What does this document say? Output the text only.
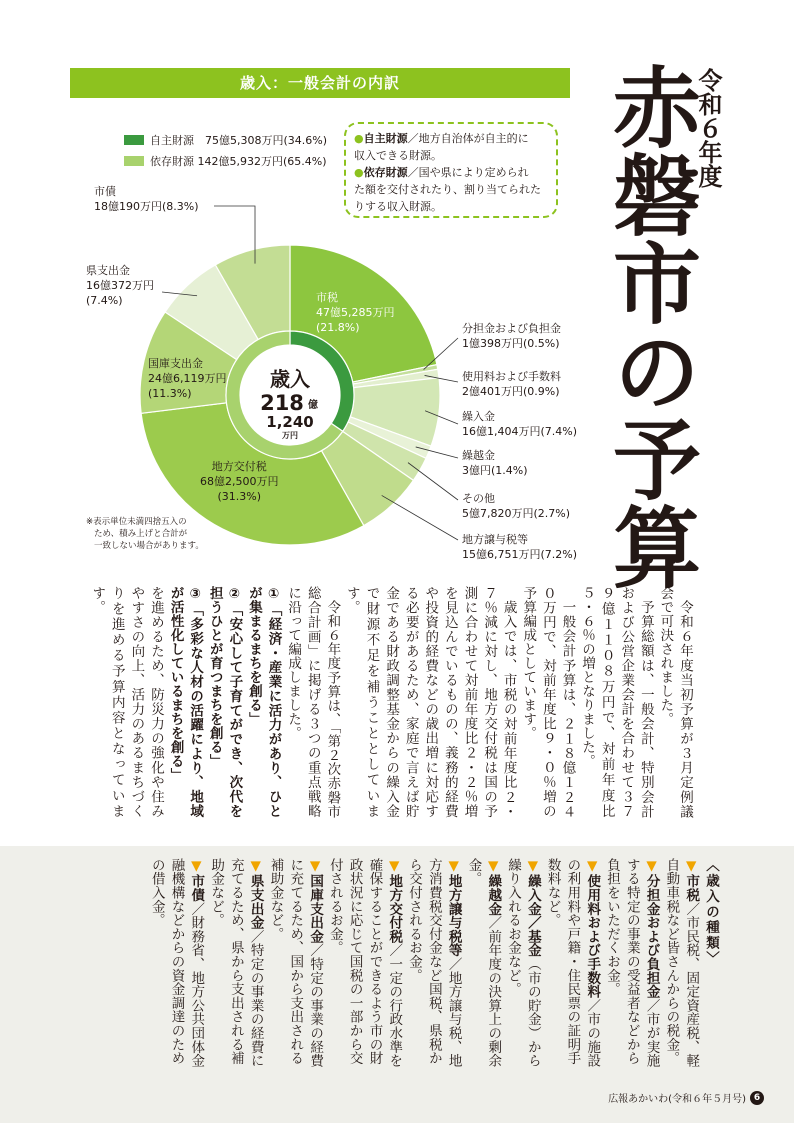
歳入：一般会計の内訳	赤磐市の予算
令和６年度
自主財源　75億5,308万円(34.6%)
依存財源 142億5,932万円(65.4%)
●自主財源／地方自治体が自主的に
収入できる財源。
●依存財源／国や県により定められ
た額を交付されたり、割り当てられた
りする収入財源。
歳入
218 億
1,240
万円
市税
47億5,285万円
(21.8%)	分担金および負担金
1億398万円(0.5%)
使用料および手数料
2億401万円(0.9%)
繰入金
16億1,404万円(7.4%)
繰越金
3億円(1.4%)
その他
5億7,820万円(2.7%)
地方譲与税等
15億6,751万円(7.2%)
地方交付税
68億2,500万円
(31.3%)
国庫支出金
24億6,119万円
(11.3%)
県支出金
16億372万円
(7.4%)
市債
18億190万円(8.3%)
※表示単位未満四捨五入の
ため、積み上げと合計が
一致しない場合があります。

令和６年度当初予算が３月定例議会で可決されました。

予算総額は、一般会計、特別会計および公営企業会計を合わせて３７９億１１０８万円で、対前年度比５・６％の増となりました。

一般会計予算は、２１８億１２４０万円で、対前年度比９・０％増の予算編成としています。

歳入では、市税の対前年度比２・７％減に対し、地方交付税は国の予測に合わせて対前年度比２・２％増を見込んでいるものの、義務的経費や投資的経費などの歳出増に対応する必要があるため、家庭で言えば貯金である財政調整基金からの繰入金で財源不足を補うこととしています。

令和６年度予算は、「第２次赤磐市総合計画」に掲げる３つの重点戦略に沿って編成しました。

①「経済・産業に活力があり、ひとが集まるまちを創る」

②「安心して子育てができ、次代を担うひとが育つまちを創る」

③「多彩な人材の活躍により、地域が活性化しているまちを創る」

を進めるため、防災力の強化や住みやすさの向上、活力のあるまちづくりを進める予算内容となっています。

〈歳入の種類〉

▼市税／市民税、固定資産税、軽自動車税など皆さんからの税金。

▼分担金および負担金／市が実施する特定の事業の受益者などから負担をいただくお金。

▼使用料および手数料／市の施設の利用料や戸籍・住民票の証明手数料など。

▼繰入金／基金（市の貯金）から繰り入れるお金など。

▼繰越金／前年度の決算上の剰余金。

▼地方譲与税等／地方譲与税、地方消費税交付金など国税、県税から交付されるお金。

▼地方交付税／一定の行政水準を確保することができるよう市の財政状況に応じて国税の一部から交付されるお金。

▼国庫支出金／特定の事業の経費に充てるため、国から支出される補助金など。

▼県支出金／特定の事業の経費に充てるため、県から支出される補助金など。

▼市債／財務省、地方公共団体金融機構などからの資金調達のための借入金。

広報あかいわ(令和６年５月号) 6
